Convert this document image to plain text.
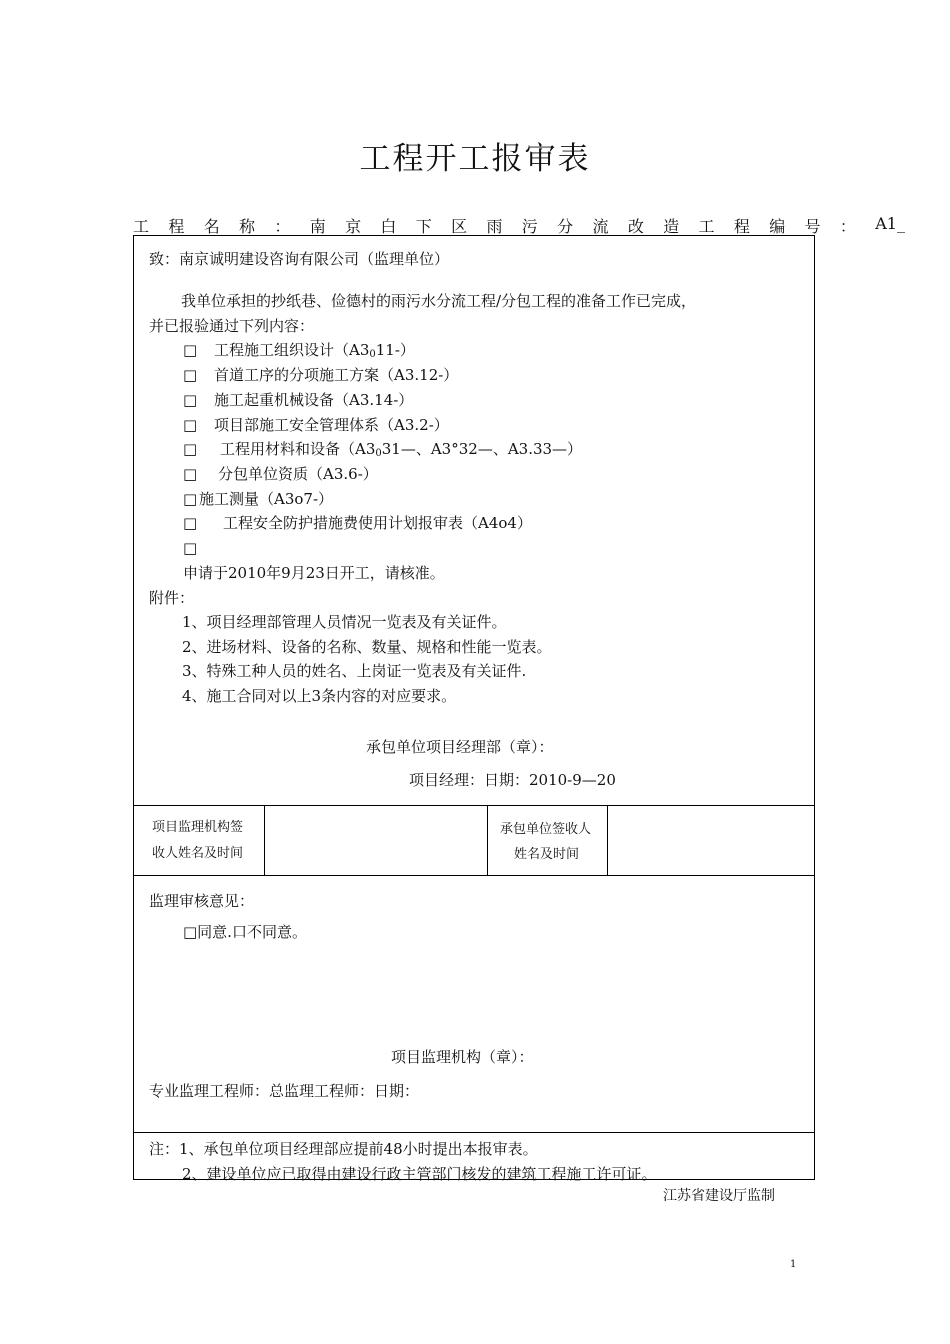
工程开工报审表
工 程 名 称 ： 南 京 白 下 区 雨 污 分 流 改 造 工 程 编 号 ： A1_
致：南京诚明建设咨询有限公司（监理单位）
我单位承担的抄纸巷、俭德村的雨污水分流工程/分包工程的准备工作已完成，
并已报验通过下列内容：
□ 工程施工组织设计$(A3_011-)$
□ 首道工序的分项施工方案（A3.12-）
□ 施工起重机械设备（A3.14-）
□ 项目部施工安全管理体系（A3.2-）
□ 工程用材料和设备（$A3_031—$、A3°32—、A3.33—）
□ 分包单位资质（A3.6-）
□ 施工测量（A3o7-）
□ 工程安全防护措施费使用计划报审表（A4o4）
□
申请于2010年9月23日开工，请核准。
附件：
1、项目经理部管理人员情况一览表及有关证件。
2、进场材料、设备的名称、数量、规格和性能一览表。
3、特殊工种人员的姓名、上岗证一览表及有关证件.
4、施工合同对以上3条内容的对应要求。
承包单位项目经理部（章）：
项目经理：日期：2010-9—20
项目监理机构签
收人姓名及时间
承包单位签收人
姓名及时间
监理审核意见：
□同意.口不同意。
项目监理机构（章）：
专业监理工程师：总监理工程师：日期：
注：1、承包单位项目经理部应提前48小时提出本报审表。
2、建设单位应已取得由建设行政主管部门核发的建筑工程施工许可证。
江苏省建设厅监制
1
